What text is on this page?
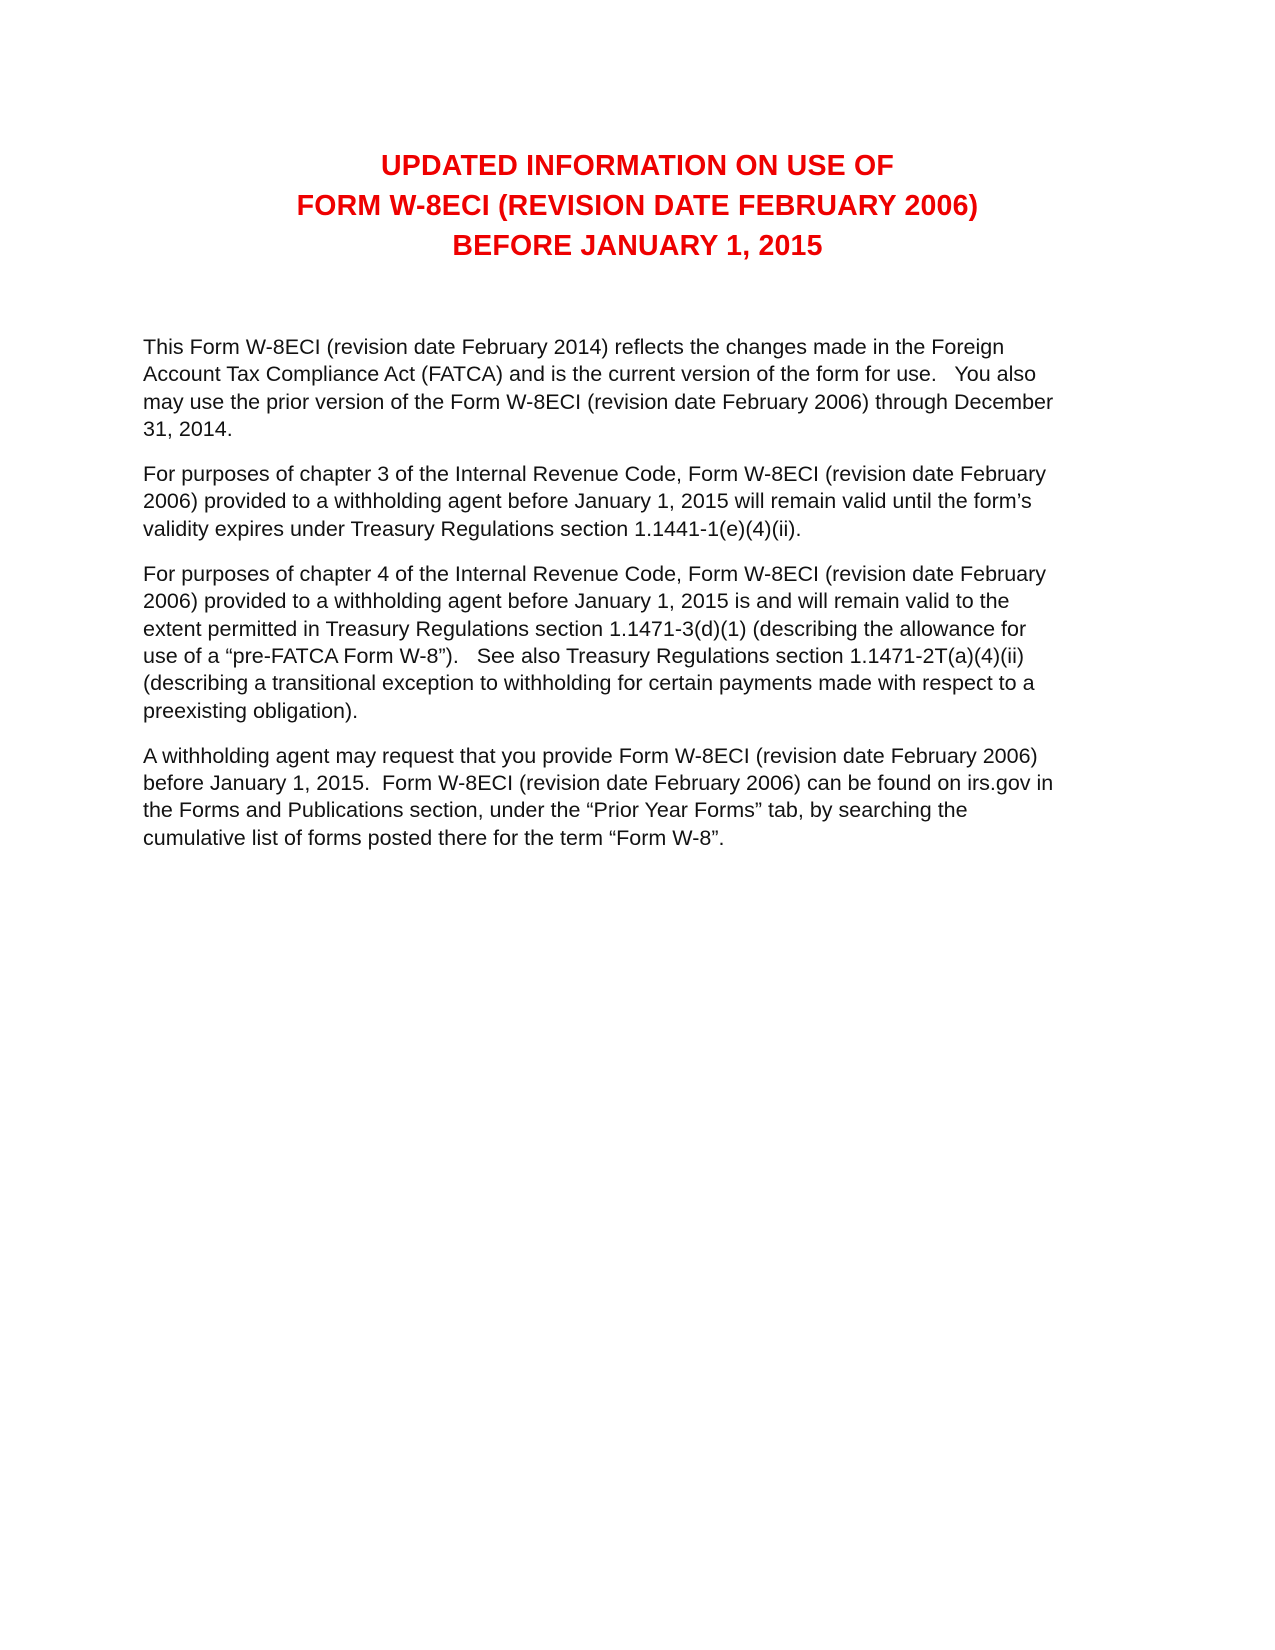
UPDATED INFORMATION ON USE OF
FORM W-8ECI (REVISION DATE FEBRUARY 2006)
BEFORE JANUARY 1, 2015

This Form W-8ECI (revision date February 2014) reflects the changes made in the Foreign Account Tax Compliance Act (FATCA) and is the current version of the form for use.   You also may use the prior version of the Form W-8ECI (revision date February 2006) through December 31, 2014.

For purposes of chapter 3 of the Internal Revenue Code, Form W-8ECI (revision date February 2006) provided to a withholding agent before January 1, 2015 will remain valid until the form’s validity expires under Treasury Regulations section 1.1441-1(e)(4)(ii).

For purposes of chapter 4 of the Internal Revenue Code, Form W-8ECI (revision date February 2006) provided to a withholding agent before January 1, 2015 is and will remain valid to the extent permitted in Treasury Regulations section 1.1471-3(d)(1) (describing the allowance for use of a “pre-FATCA Form W-8”).   See also Treasury Regulations section 1.1471-2T(a)(4)(ii) (describing a transitional exception to withholding for certain payments made with respect to a preexisting obligation).

A withholding agent may request that you provide Form W-8ECI (revision date February 2006) before January 1, 2015.  Form W-8ECI (revision date February 2006) can be found on irs.gov in the Forms and Publications section, under the “Prior Year Forms” tab, by searching the cumulative list of forms posted there for the term “Form W-8”.
